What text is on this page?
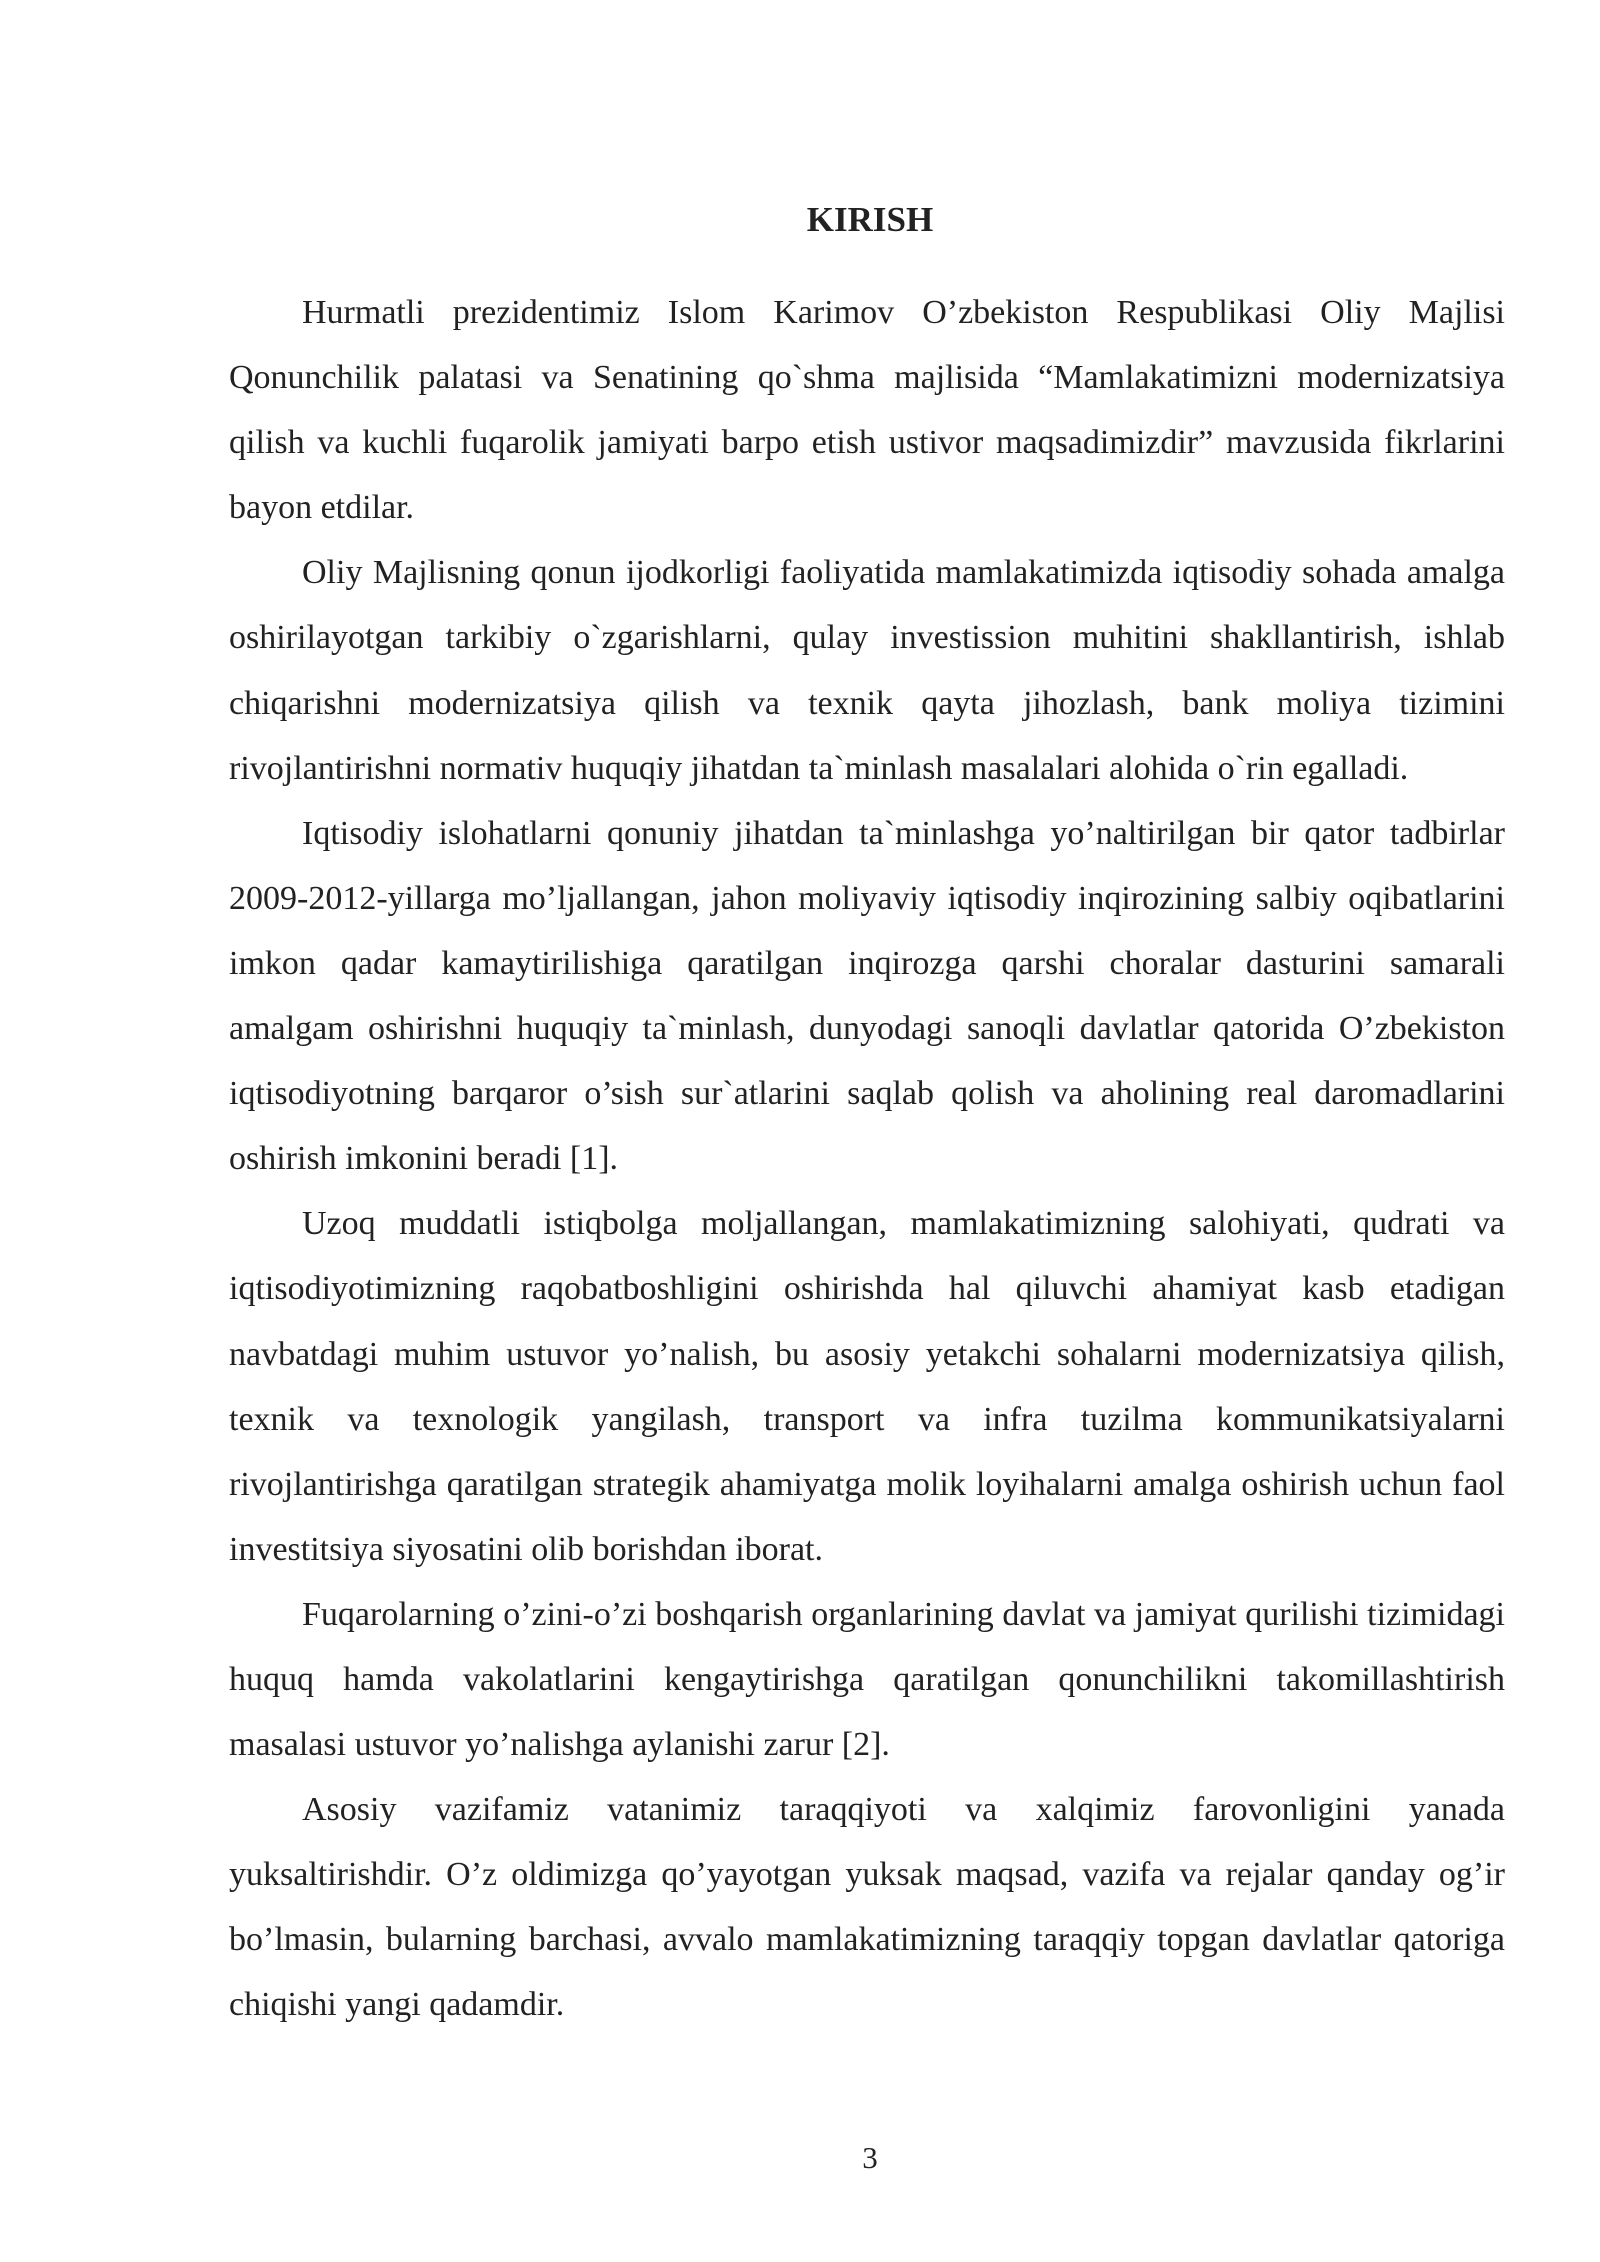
KIRISH

Hurmatli prezidentimiz Islom Karimov O’zbekiston Respublikasi Oliy Majlisi Qonunchilik palatasi va Senatining qo`shma majlisida “Mamlakatimizni modernizatsiya qilish va kuchli fuqarolik jamiyati barpo etish ustivor maqsadimizdir” mavzusida fikrlarini bayon etdilar.

Oliy Majlisning qonun ijodkorligi faoliyatida mamlakatimizda iqtisodiy sohada amalga oshirilayotgan tarkibiy o`zgarishlarni, qulay investission muhitini shakllantirish, ishlab chiqarishni modernizatsiya qilish va texnik qayta jihozlash, bank moliya tizimini rivojlantirishni normativ huquqiy jihatdan ta`minlash masalalari alohida o`rin egalladi.

Iqtisodiy islohatlarni qonuniy jihatdan ta`minlashga yo’naltirilgan bir qator tadbirlar 2009-2012-yillarga mo’ljallangan, jahon moliyaviy iqtisodiy inqirozining salbiy oqibatlarini imkon qadar kamaytirilishiga qaratilgan inqirozga qarshi choralar dasturini samarali amalgam oshirishni huquqiy ta`minlash, dunyodagi sanoqli davlatlar qatorida O’zbekiston iqtisodiyotning barqaror o’sish sur`atlarini saqlab qolish va aholining real daromadlarini oshirish imkonini beradi [1].

Uzoq muddatli istiqbolga moljallangan, mamlakatimizning salohiyati, qudrati va iqtisodiyotimizning raqobatboshligini oshirishda hal qiluvchi ahamiyat kasb etadigan navbatdagi muhim ustuvor yo’nalish, bu asosiy yetakchi sohalarni modernizatsiya qilish, texnik va texnologik yangilash, transport va infra tuzilma kommunikatsiyalarni rivojlantirishga qaratilgan strategik ahamiyatga molik loyihalarni amalga oshirish uchun faol investitsiya siyosatini olib borishdan iborat.

Fuqarolarning o’zini-o’zi boshqarish organlarining davlat va jamiyat qurilishi tizimidagi huquq hamda vakolatlarini kengaytirishga qaratilgan qonunchilikni takomillashtirish masalasi ustuvor yo’nalishga aylanishi zarur [2].

Asosiy vazifamiz vatanimiz taraqqiyoti va xalqimiz farovonligini yanada yuksaltirishdir. O’z oldimizga qo’yayotgan yuksak maqsad, vazifa va rejalar qanday og’ir bo’lmasin, bularning barchasi, avvalo mamlakatimizning taraqqiy topgan davlatlar qatoriga chiqishi yangi qadamdir.

3
